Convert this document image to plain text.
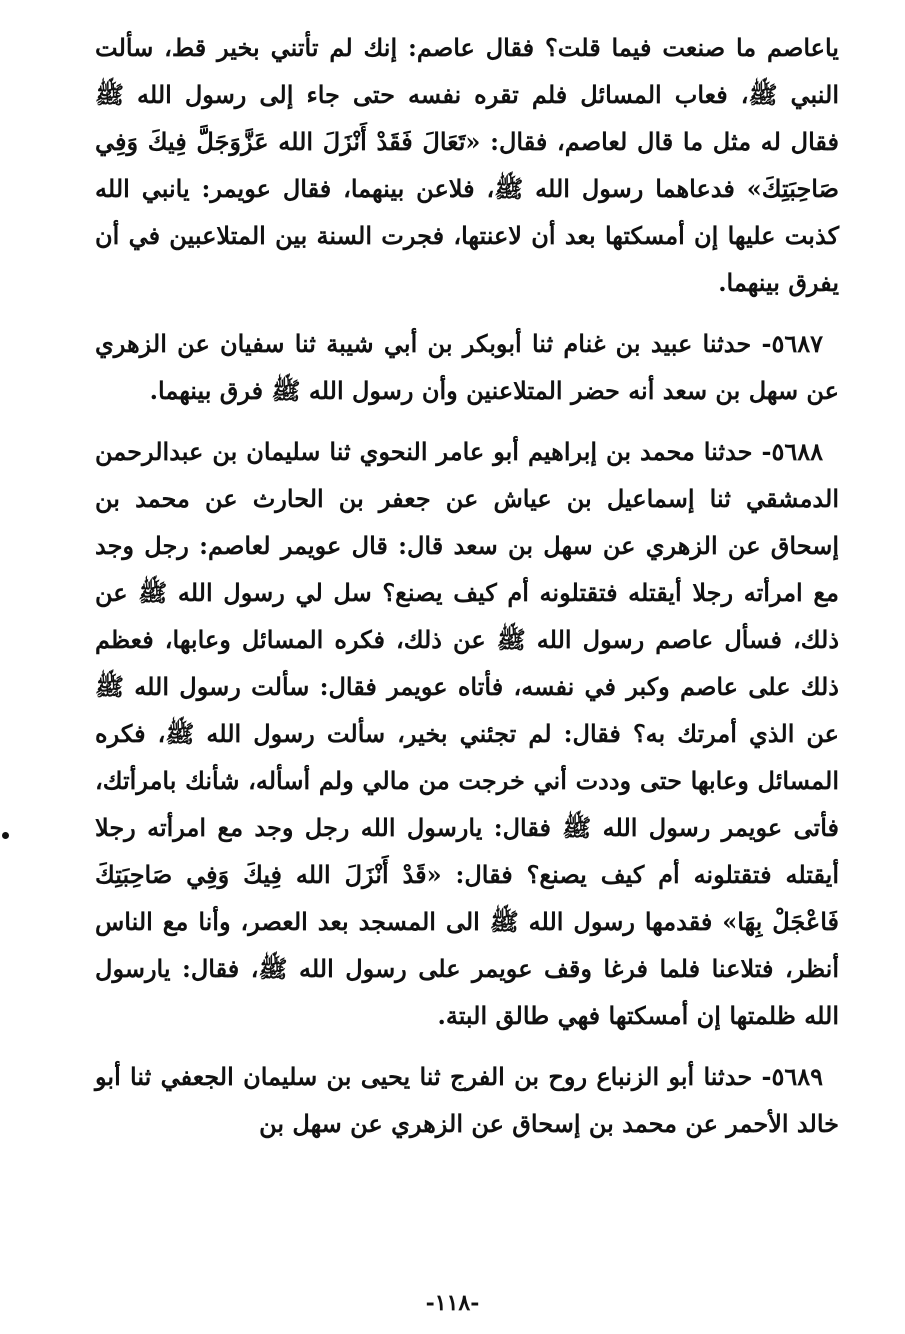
ياعاصم ما صنعت فيما قلت؟ فقال عاصم: إنك لم تأتني بخير قط، سألت النبي ﷺ، فعاب المسائل فلم تقره نفسه حتى جاء إلى رسول الله ﷺ فقال له مثل ما قال لعاصم، فقال: «تَعَالَ فَقَدْ أَنْزَلَ الله عَزَّوَجَلَّ فِيكَ وَفِي صَاحِبَتِكَ» فدعاهما رسول الله ﷺ، فلاعن بينهما، فقال عويمر: يانبي الله كذبت عليها إن أمسكتها بعد أن لاعنتها، فجرت السنة بين المتلاعبين في أن يفرق بينهما.

٥٦٨٧- حدثنا عبيد بن غنام ثنا أبوبكر بن أبي شيبة ثنا سفيان عن الزهري عن سهل بن سعد أنه حضر المتلاعنين وأن رسول الله ﷺ فرق بينهما.

٥٦٨٨- حدثنا محمد بن إبراهيم أبو عامر النحوي ثنا سليمان بن عبدالرحمن الدمشقي ثنا إسماعيل بن عياش عن جعفر بن الحارث عن محمد بن إسحاق عن الزهري عن سهل بن سعد قال: قال عويمر لعاصم: رجل وجد مع امرأته رجلا أيقتله فتقتلونه أم كيف يصنع؟ سل لي رسول الله ﷺ عن ذلك، فسأل عاصم رسول الله ﷺ عن ذلك، فكره المسائل وعابها، فعظم ذلك على عاصم وكبر في نفسه، فأتاه عويمر فقال: سألت رسول الله ﷺ عن الذي أمرتك به؟ فقال: لم تجئني بخير، سألت رسول الله ﷺ، فكره المسائل وعابها حتى وددت أني خرجت من مالي ولم أسأله، شأنك بامرأتك، فأتى عويمر رسول الله ﷺ فقال: يارسول الله رجل وجد مع امرأته رجلا أيقتله فتقتلونه أم كيف يصنع؟ فقال: «قَدْ أَنْزَلَ الله فِيكَ وَفِي صَاحِبَتِكَ فَاعْجَلْ بِهَا» فقدمها رسول الله ﷺ الى المسجد بعد العصر، وأنا مع الناس أنظر، فتلاعنا فلما فرغا وقف عويمر على رسول الله ﷺ، فقال: يارسول الله ظلمتها إن أمسكتها فهي طالق البتة.

٥٦٨٩- حدثنا أبو الزنباع روح بن الفرج ثنا يحيى بن سليمان الجعفي ثنا أبو خالد الأحمر عن محمد بن إسحاق عن الزهري عن سهل بن

-١١٨-
